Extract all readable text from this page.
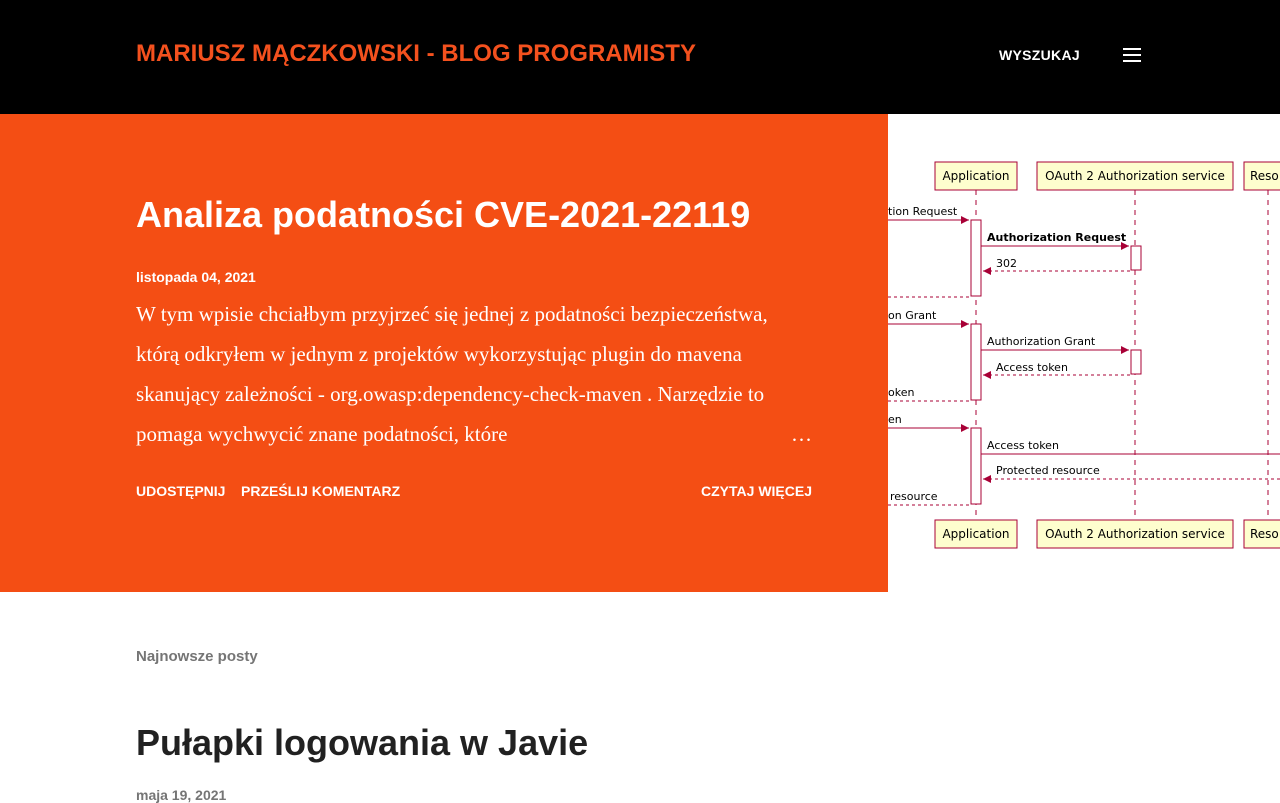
MARIUSZ MĄCZKOWSKI - BLOG PROGRAMISTY	WYSZUKAJ
Analiza podatności CVE-2021-22119
listopada 04, 2021
W tym wpisie chciałbym przyjrzeć się jednej z podatności bezpieczeństwa, którą odkryłem w jednym z projektów wykorzystując plugin do mavena skanujący zależności - org.owasp:dependency-check-maven . Narzędzie to pomaga wychwycić znane podatności, które	…
UDOSTĘPNIJ PRZEŚLIJ KOMENTARZ	CZYTAJ WIĘCEJ
Application	OAuth 2 Authorization service Reso
Application	OAuth 2 Authorization service Reso
tion Request
Authorization Request
302
on Grant
Authorization Grant
Access token
oken
en
Access token
Protected resource
resource
Najnowsze posty
Pułapki logowania w Javie
maja 19, 2021
